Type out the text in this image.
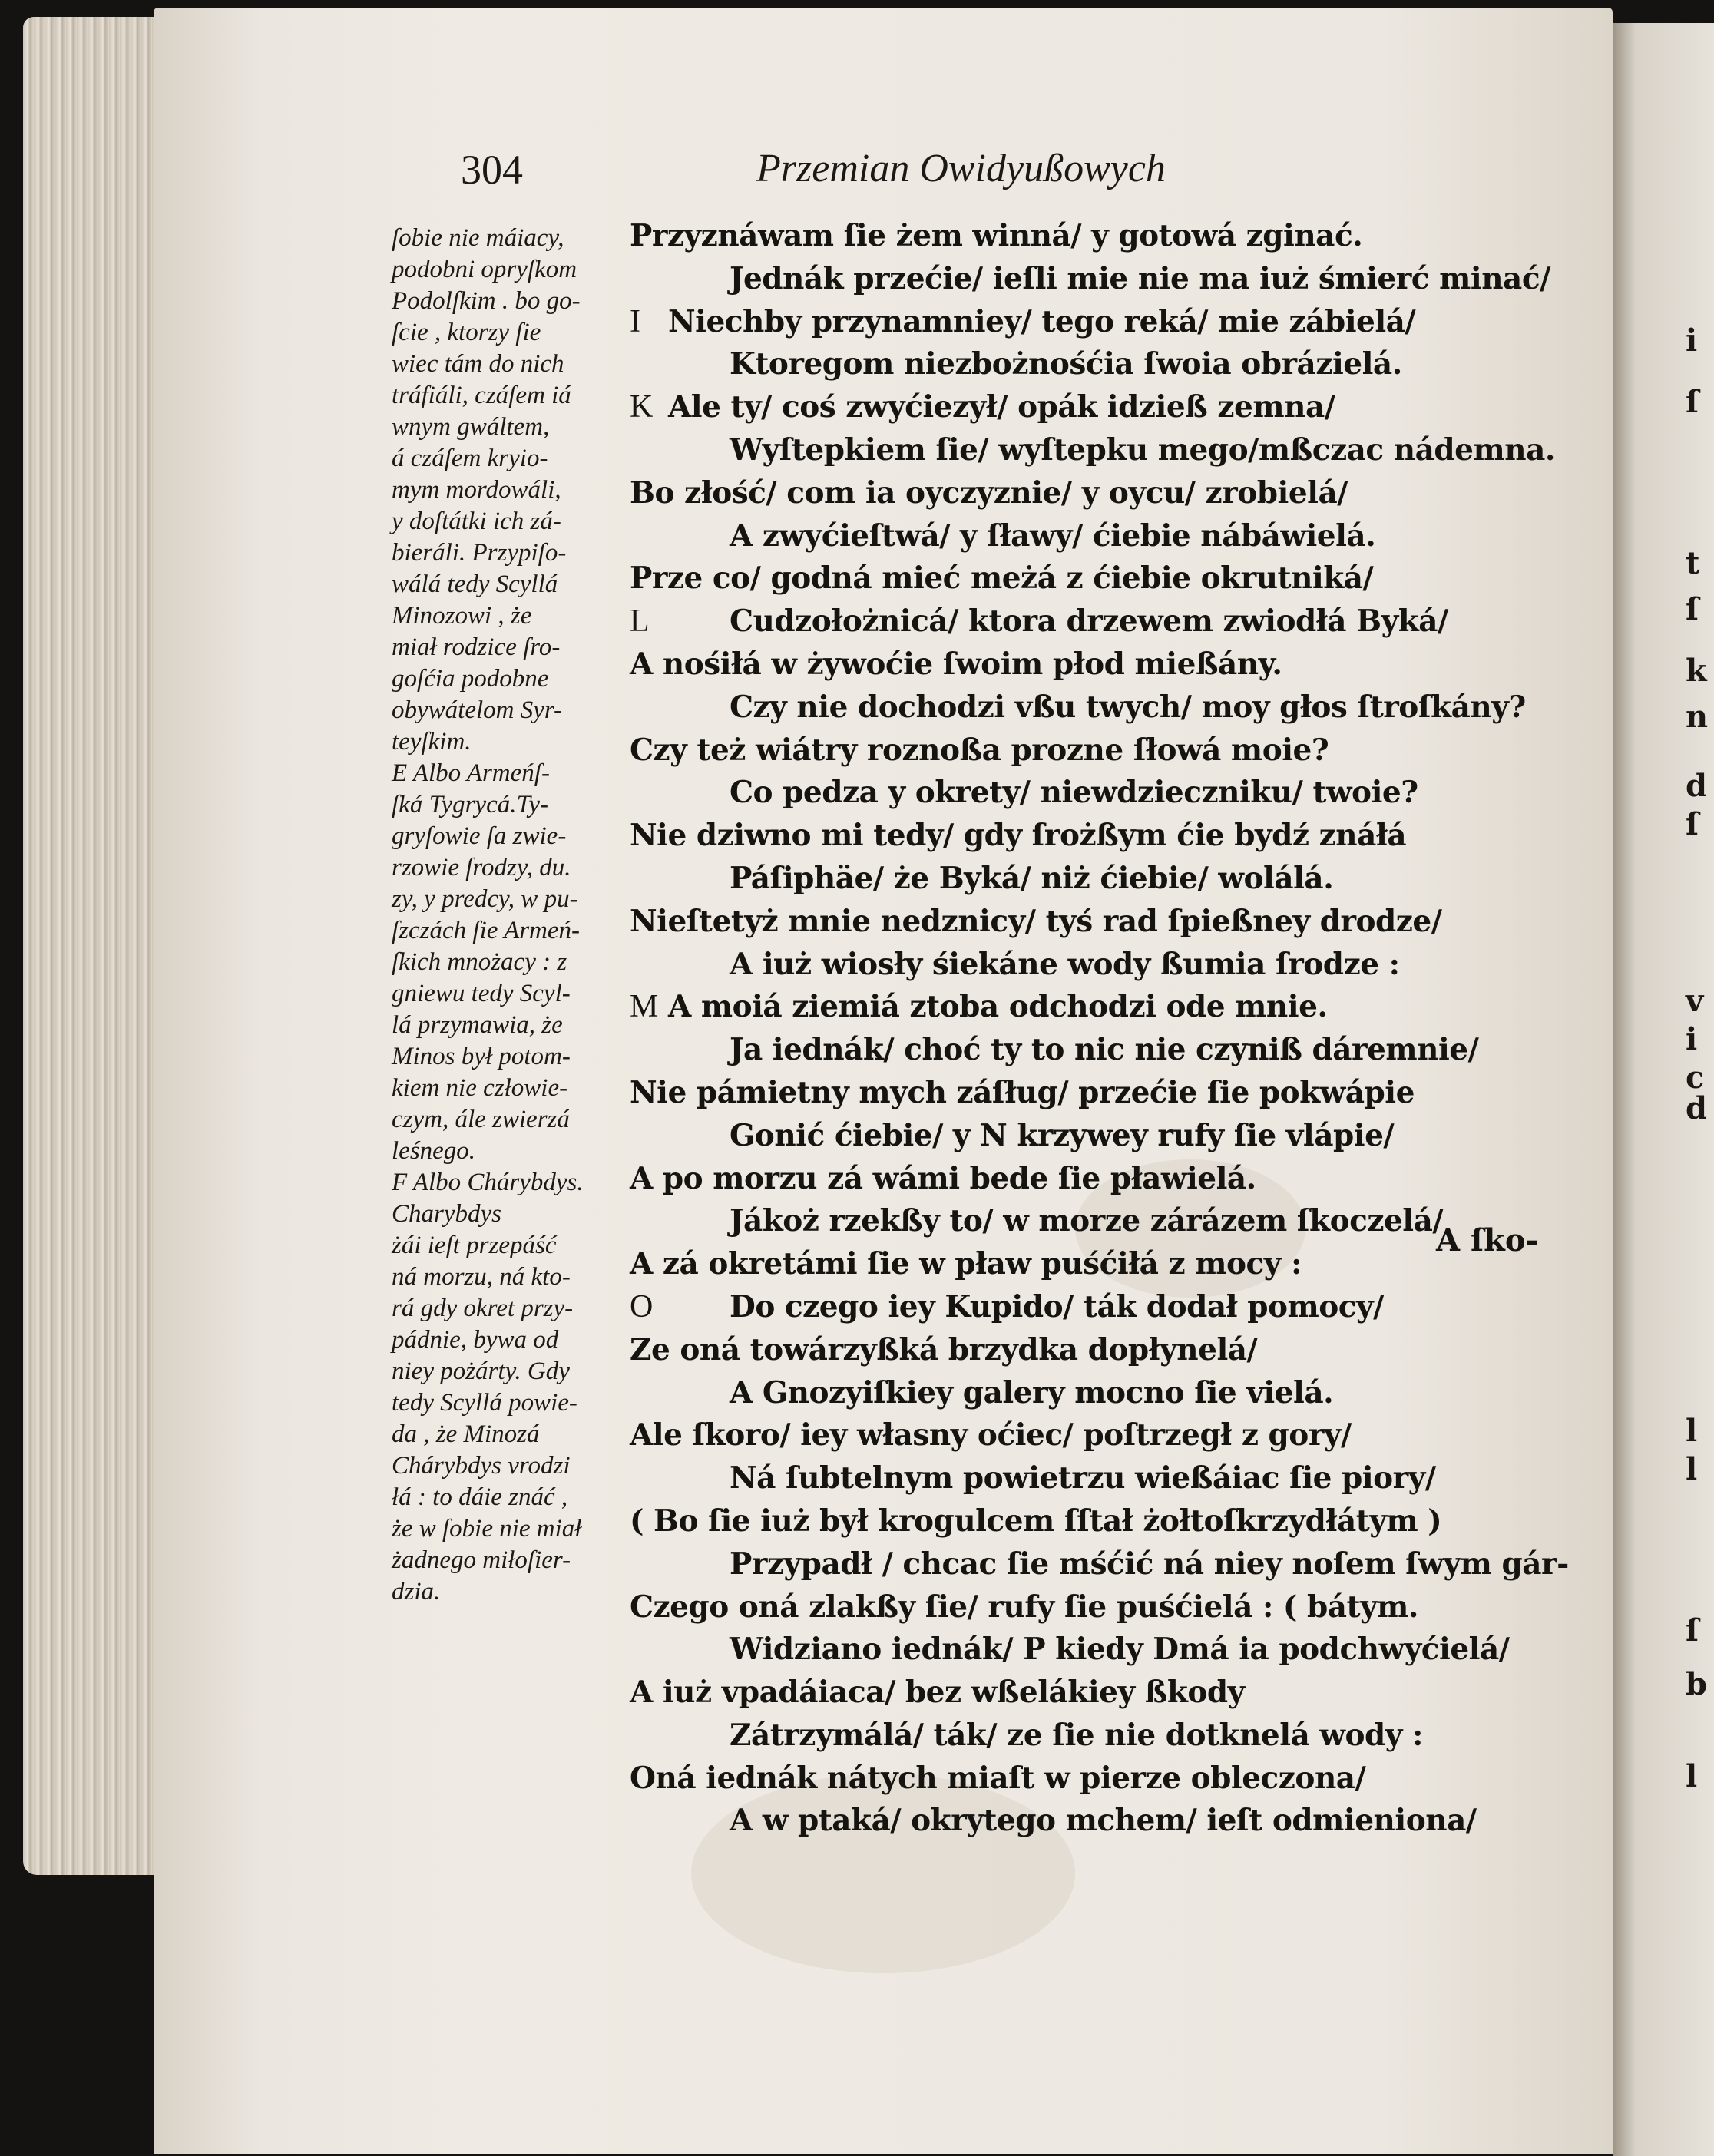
i
ſ
t
ſ
k
n
d
ſ
v
i
c
d
l
l
ſ
b
l
304	Przemian Owidyußowych
ſobie nie máiacy,
podobni opryſkom
Podolſkim . bo go-
ſcie , ktorzy ſie
wiec tám do nich
tráfiáli, czáſem iá
wnym gwáltem,
á czáſem kryio-
mym mordowáli,
y doſtátki ich zá-
bieráli. Przypiſo-
wálá tedy Scyllá
Minozowi , że
miał rodzice ſro-
goſćia podobne
obywátelom Syr-
teyſkim.
E Albo Armeńſ-
ſká Tygrycá.Ty-
gryſowie ſa zwie-
rzowie ſrodzy, du.
zy, y predcy, w pu-
ſzczách ſie Armeń-
ſkich mnożacy : z
gniewu tedy Scyl-
lá przymawia, że
Minos był potom-
kiem nie człowie-
czym, ále zwierzá
leśnego.
F Albo Chárybdys.
Charybdys
żái ieſt przepáść
ná morzu, ná kto-
rá gdy okret przy-
pádnie, bywa od
niey pożárty. Gdy
tedy Scyllá powie-
da , że Minozá
Chárybdys vrodzi
łá : to dáie znáć ,
że w ſobie nie miał
żadnego miłoſier-
dzia.
Przyznáwam ſie żem winná/ y gotowá zginać.
Jednák przećie/ ieſli mie nie ma iuż śmierć minać/
I Niechby przynamniey/ tego reká/ mie zábielá/
Ktoregom niezbożnośćia ſwoia obrázielá.
K Ale ty/ coś zwyćiezył/ opák idzieß zemna/
Wyſtepkiem ſie/ wyſtepku mego/mßczac nádemna.
Bo złość/ com ia oyczyznie/ y oycu/ zrobielá/
A zwyćieſtwá/ y ſławy/ ćiebie nábáwielá.
Prze co/ godná mieć meżá z ćiebie okrutniká/
L	Cudzołożnicá/ ktora drzewem zwiodłá Byká/
A nośiłá w żywoćie ſwoim płod mießány.
Czy nie dochodzi vßu twych/ moy głos ſtroſkány?
Czy też wiátry roznoßa prozne ſłowá moie?
Co pedza y okrety/ niewdzieczniku/ twoie?
Nie dziwno mi tedy/ gdy ſrożßym ćie bydź znáłá
Páſiphäe/ że Byká/ niż ćiebie/ wolálá.
Nieſtetyż mnie nedznicy/ tyś rad ſpießney drodze/
A iuż wiosły śiekáne wody ßumia ſrodze :
M A moiá ziemiá ztoba odchodzi ode mnie.
Ja iednák/ choć ty to nic nie czyniß dáremnie/
Nie pámietny mych záſług/ przećie ſie pokwápie
Gonić ćiebie/ y N krzywey rufy ſie vlápie/
A po morzu zá wámi bede ſie pławielá.
Jákoż rzekßy to/ w morze zárázem ſkoczelá/
A zá okretámi ſie w pław puśćiłá z mocy :
O	Do czego iey Kupido/ ták dodał pomocy/
Ze oná towárzyßká brzydka dopłynelá/
A Gnozyiſkiey galery mocno ſie vielá.
Ale ſkoro/ iey własny oćiec/ poſtrzegł z gory/
Ná ſubtelnym powietrzu wießáiac ſie piory/
( Bo ſie iuż był krogulcem ſſtał żołtoſkrzydłátym )
Przypadł / chcac ſie mśćić ná niey noſem ſwym gár-
Czego oná zlakßy ſie/ rufy ſie puśćielá : ( bátym.
Widziano iednák/ P kiedy Dmá ia podchwyćielá/
A iuż vpadáiaca/ bez wßelákiey ßkody
Zátrzymálá/ ták/ ze ſie nie dotknelá wody :
Oná iednák nátych miaſt w pierze obleczona/
A w ptaká/ okrytego mchem/ ieſt odmieniona/
A ſko-
